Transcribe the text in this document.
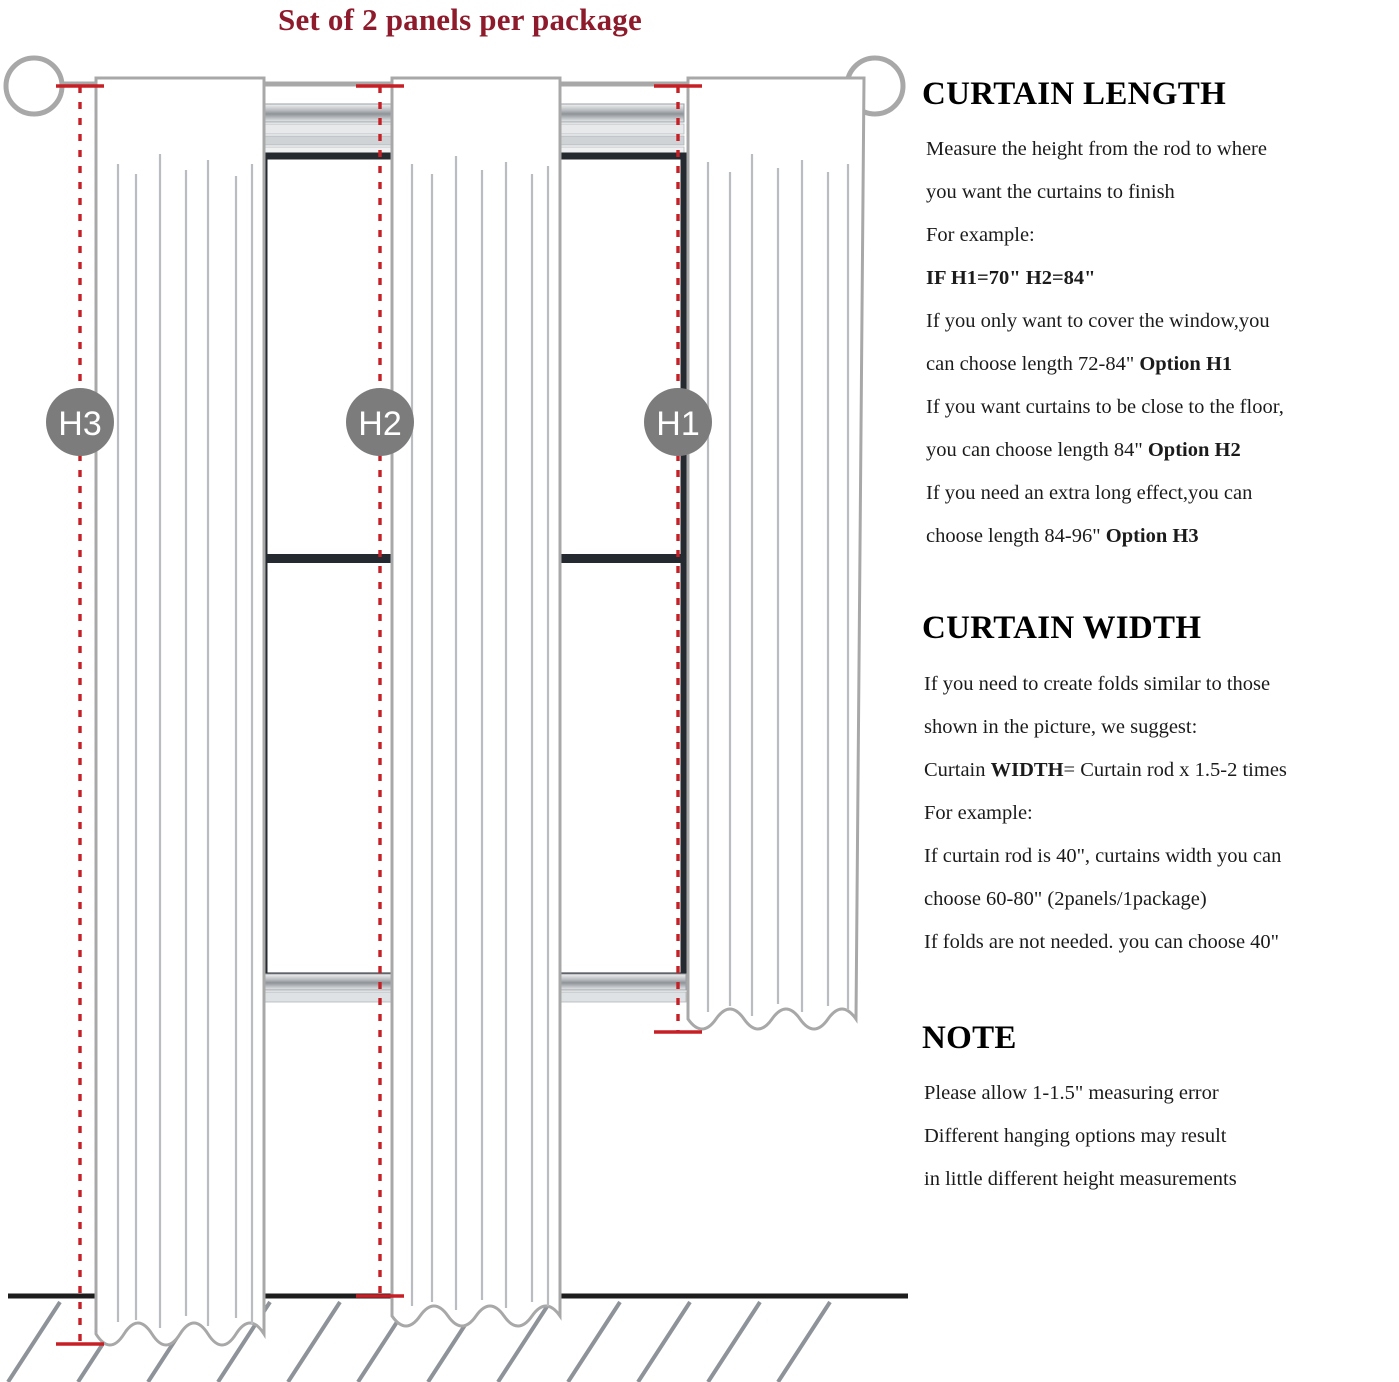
Set of 2 panels per package
H3	H2	H1
CURTAIN LENGTH
Measure the height from the rod to where
you want the curtains to finish
For example:
IF H1=70" H2=84"
If you only want to cover the window,you
can choose length 72-84" Option H1
If you want curtains to be close to the floor,
you can choose length 84" Option H2
If you need an extra long effect,you can
choose length 84-96" Option H3
CURTAIN WIDTH
If you need to create folds similar to those
shown in the picture, we suggest:
Curtain WIDTH= Curtain rod x 1.5-2 times
For example:
If curtain rod is 40", curtains width you can
choose 60-80" (2panels/1package)
If folds are not needed. you can choose 40"
NOTE
Please allow 1-1.5" measuring error
Different hanging options may result
in little different height measurements
